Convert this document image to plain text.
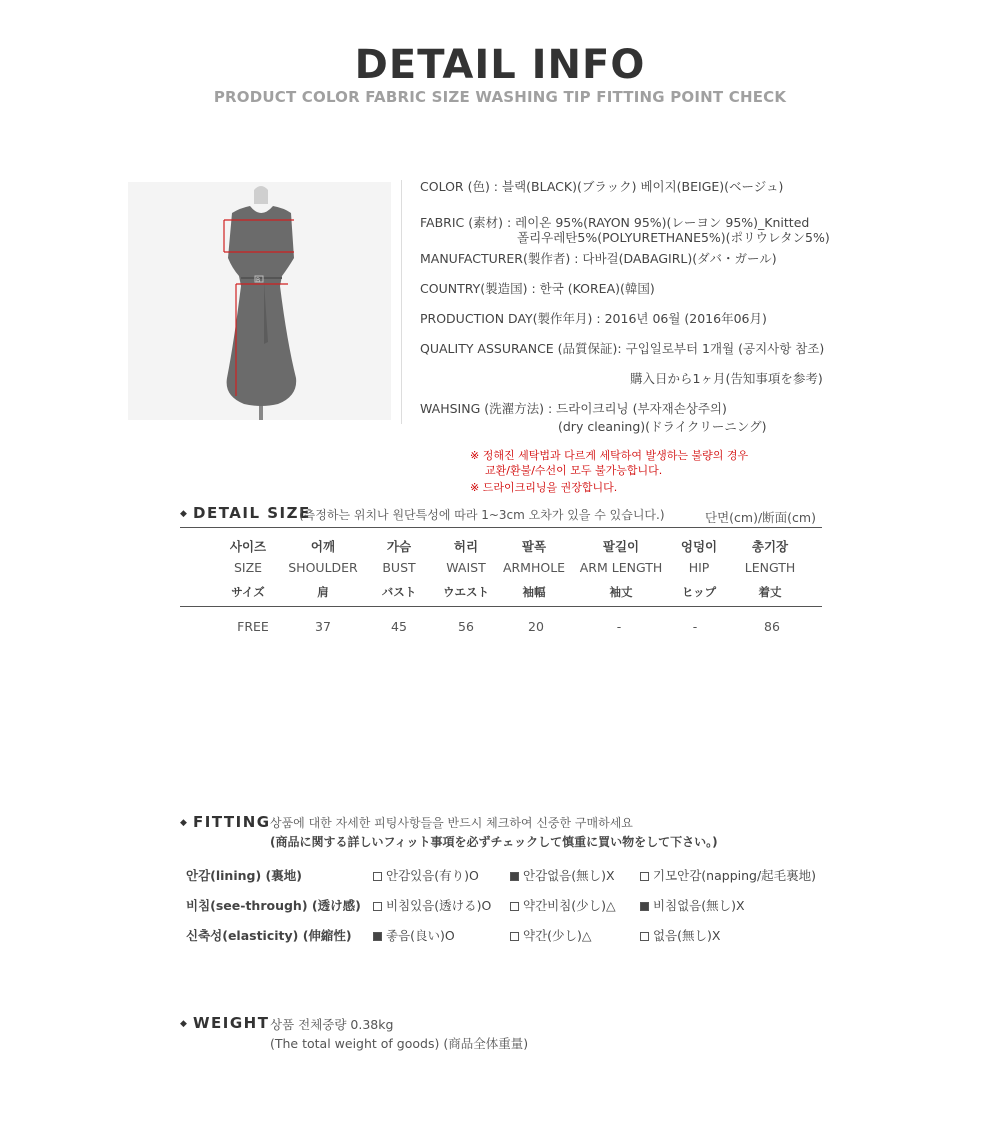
DETAIL INFO
PRODUCT COLOR FABRIC SIZE WASHING TIP FITTING POINT CHECK
B
COLOR (色) : 블랙(BLACK)(ブラック) 베이지(BEIGE)(ベージュ)
FABRIC (素材) : 레이온 95%(RAYON 95%)(レーヨン 95%)_Knitted
폴리우레탄5%(POLYURETHANE5%)(ポリウレタン5%)
MANUFACTURER(製作者) : 다바걸(DABAGIRL)(ダバ・ガール)
COUNTRY(製造国) : 한국 (KOREA)(韓国)
PRODUCTION DAY(製作年月) : 2016년 06월 (2016年06月)
QUALITY ASSURANCE (品質保証): 구입일로부터 1개월 (공지사항 참조)
購入日から1ヶ月(告知事項を参考)
WAHSING (洗濯方法) : 드라이크리닝 (부자재손상주의)
(dry cleaning)(ドライクリーニング)
※ 정해진 세탁법과 다르게 세탁하여 발생하는 불량의 경우
교환/환불/수선이 모두 불가능합니다.
※ 드라이크리닝을 권장합니다.
◆ DETAIL SIZE
(측정하는 위치나 원단특성에 따라 1~3cm 오차가 있을 수 있습니다.)	단면(cm)/断面(cm)
사이즈	어깨	가슴	허리	팔폭	팔길이	엉덩이	총기장
SIZE	SHOULDER	BUST	WAIST	ARMHOLE	ARM LENGTH	HIP	LENGTH
サイズ	肩	バスト	ウエスト	袖幅	袖丈	ヒップ	着丈
FREE	37	45	56	20	-	-	86
◆ FITTING 상품에 대한 자세한 피팅사항들을 반드시 체크하여 신중한 구매하세요
(商品に関する詳しいフィット事項を必ずチェックして慎重に買い物をして下さい。)
안감(lining) (裏地)	안감있음(有り)O	안감없음(無し)X	기모안감(napping/起毛裏地)
비침(see-through) (透け感)	비침있음(透ける)O	약간비침(少し)△	비침없음(無し)X
신축성(elasticity) (伸縮性)	좋음(良い)O	약간(少し)△	없음(無し)X
◆ WEIGHT 상품 전체중량 0.38kg
(The total weight of goods) (商品全体重量)
